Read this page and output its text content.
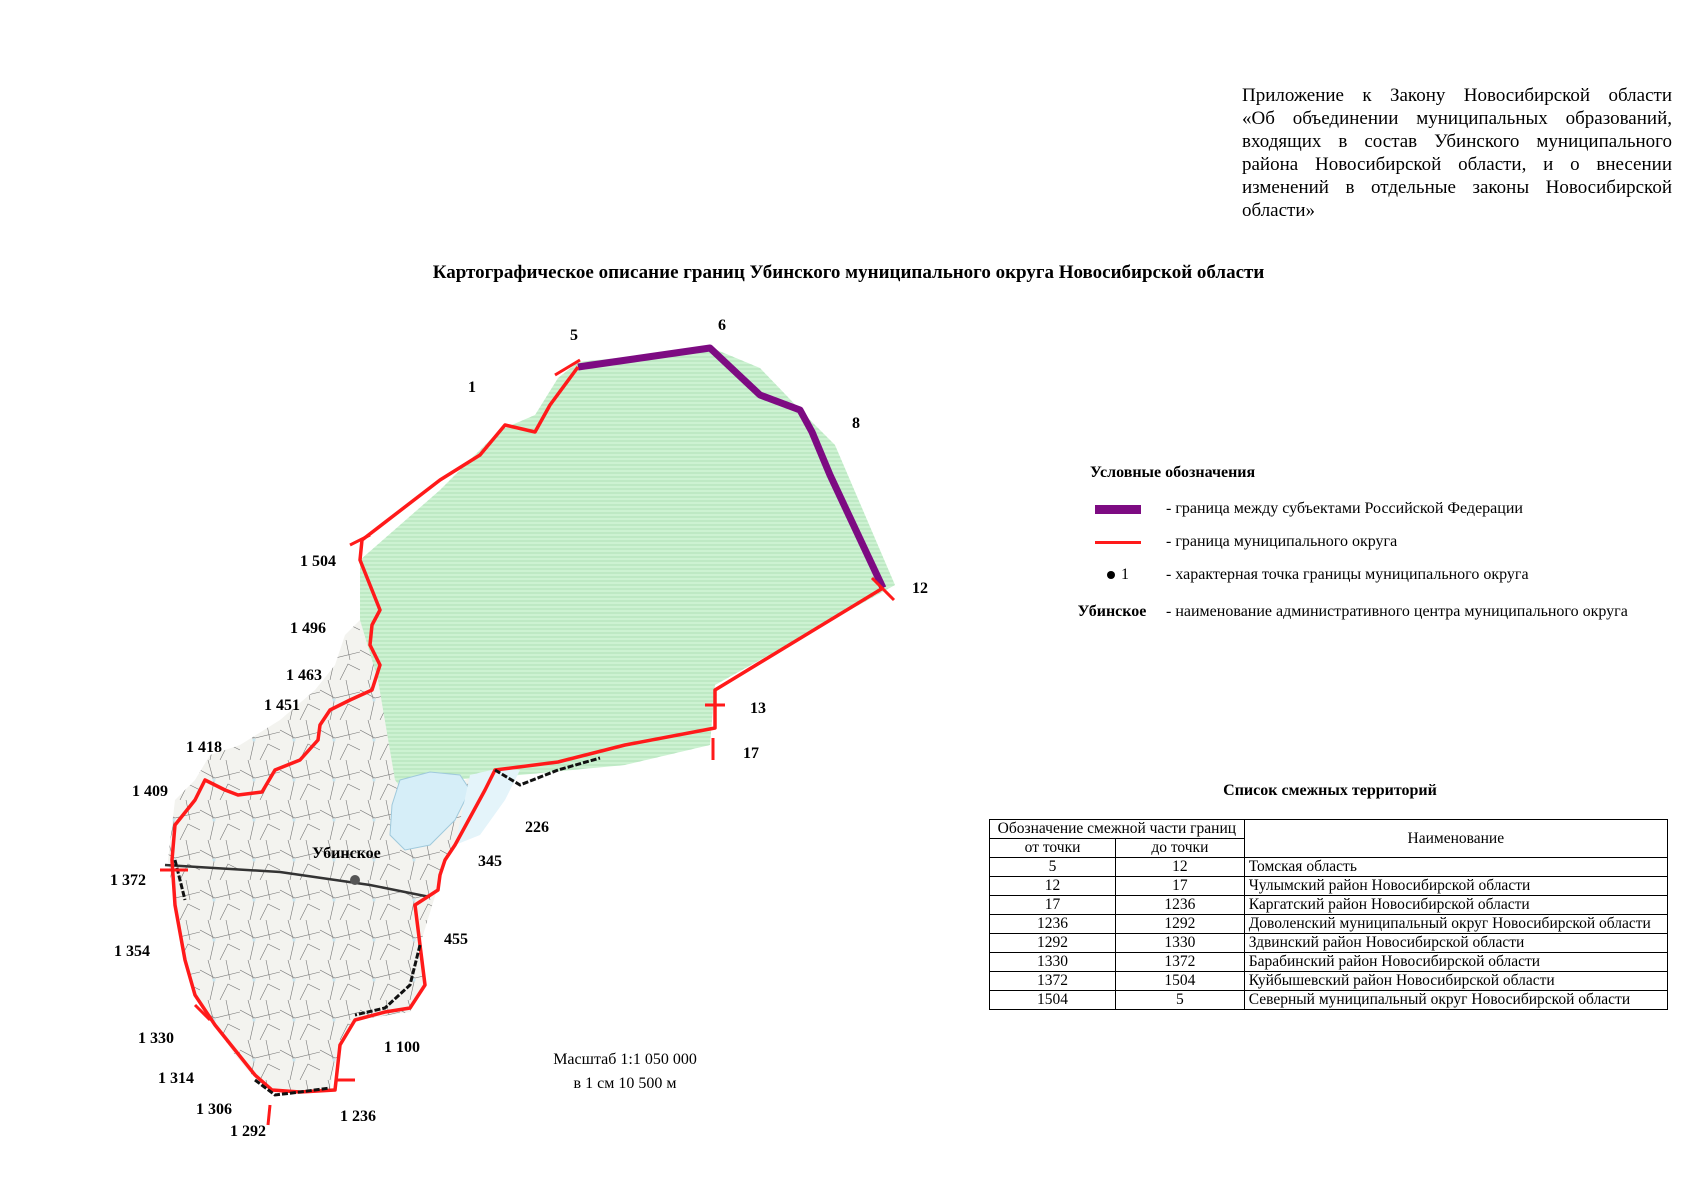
Приложение к Закону Новосибирской области
«Об объединении муниципальных образований,
входящих в состав Убинского муниципального
района Новосибирской области, и о внесении
изменений в отдельные законы Новосибирской
области»
Картографическое описание границ Убинского муниципального округа Новосибирской области
5
6
1
8
1 504
12
1 496
1 463
13
1 451
17
1 418
1 409
226
345
1 372
455
1 354
1 100
1 330
1 314
1 306	1 236
1 292
Убинское
Условные обозначения
- граница между субъектами Российской Федерации
- граница муниципального округа
1 - характерная точка границы муниципального округа
Убинское - наименование административного центра муниципального округа
Список смежных территорий
Обозначение смежной части границ		Наименование
от точки	до точки	
5	12	Томская область
12	17	Чулымский район Новосибирской области
17	1236	Каргатский район Новосибирской области
1236	1292	Доволенский муниципальный округ Новосибирской области
1292	1330	Здвинский район Новосибирской области
1330	1372	Барабинский район Новосибирской области
1372	1504	Куйбышевский район Новосибирской области
1504	5	Северный муниципальный округ Новосибирской области
Масштаб 1:1 050 000
в 1 см 10 500 м
